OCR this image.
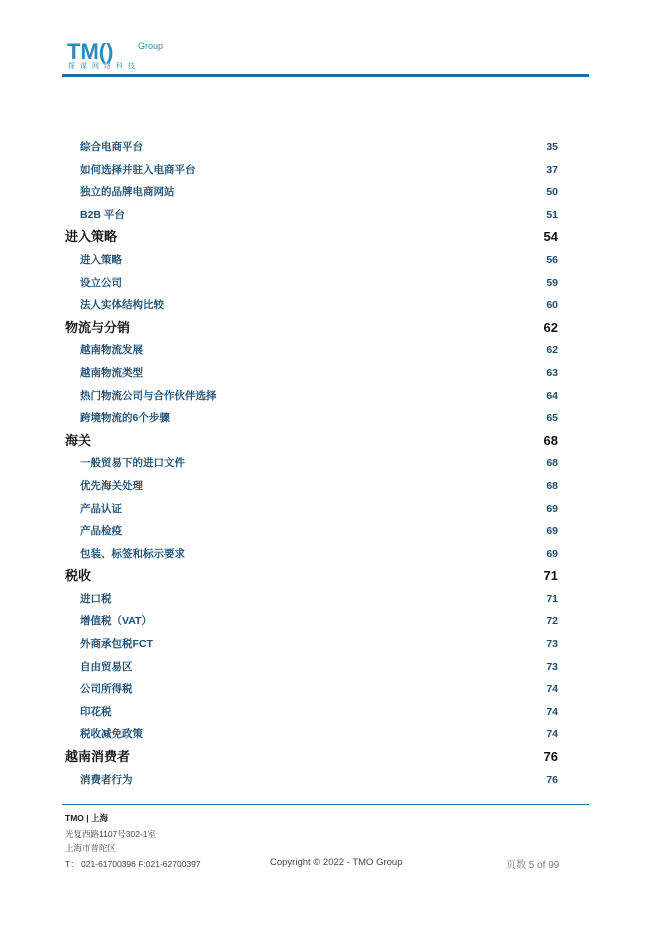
TM()	Group
探谋网络科技
综合电商平台	35
如何选择并驻入电商平台	37
独立的品牌电商网站	50
B2B 平台	51
进入策略	54
进入策略	56
设立公司	59
法人实体结构比较	60
物流与分销	62
越南物流发展	62
越南物流类型	63
热门物流公司与合作伙伴选择	64
跨境物流的6个步骤	65
海关	68
一般贸易下的进口文件	68
优先海关处理	68
产品认证	69
产品检疫	69
包装、标签和标示要求	69
税收	71
进口税	71
增值税（VAT）	72
外商承包税FCT	73
自由贸易区	73
公司所得税	74
印花税	74
税收减免政策	74
越南消费者	76
消费者行为	76
TMO | 上海
光复西路1107号302-1室
上海市普陀区
T： 021-61700396 F:021-62700397	Copyright © 2022 - TMO Group	页数 5 of 99
